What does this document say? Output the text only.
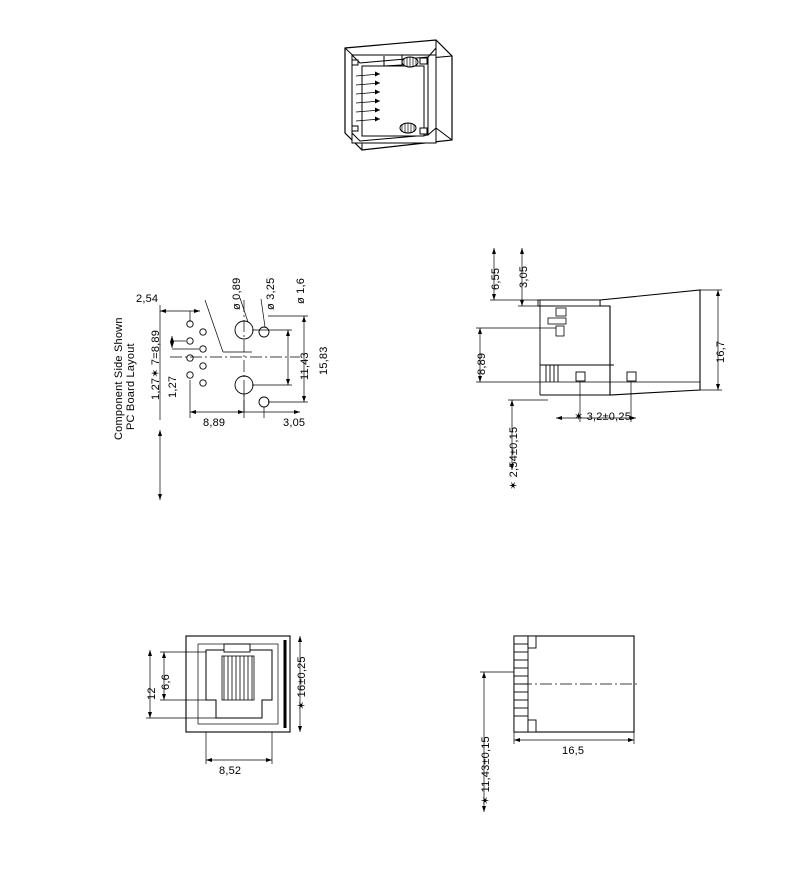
PC Board Layout
Component Side Shown
ø 0,89 ø 3,25 ø 1,6
2,54
1,27
1,27✶ 7=8,89
8,89	3,05
11,43 15,83
6,55 3,05
8,89
16,7
✶ 2,54±0,15
✶ 3,2±0,25
6,6
12
8,52
✶ 16±0,25
16,5
✶ 11,43±0,15
